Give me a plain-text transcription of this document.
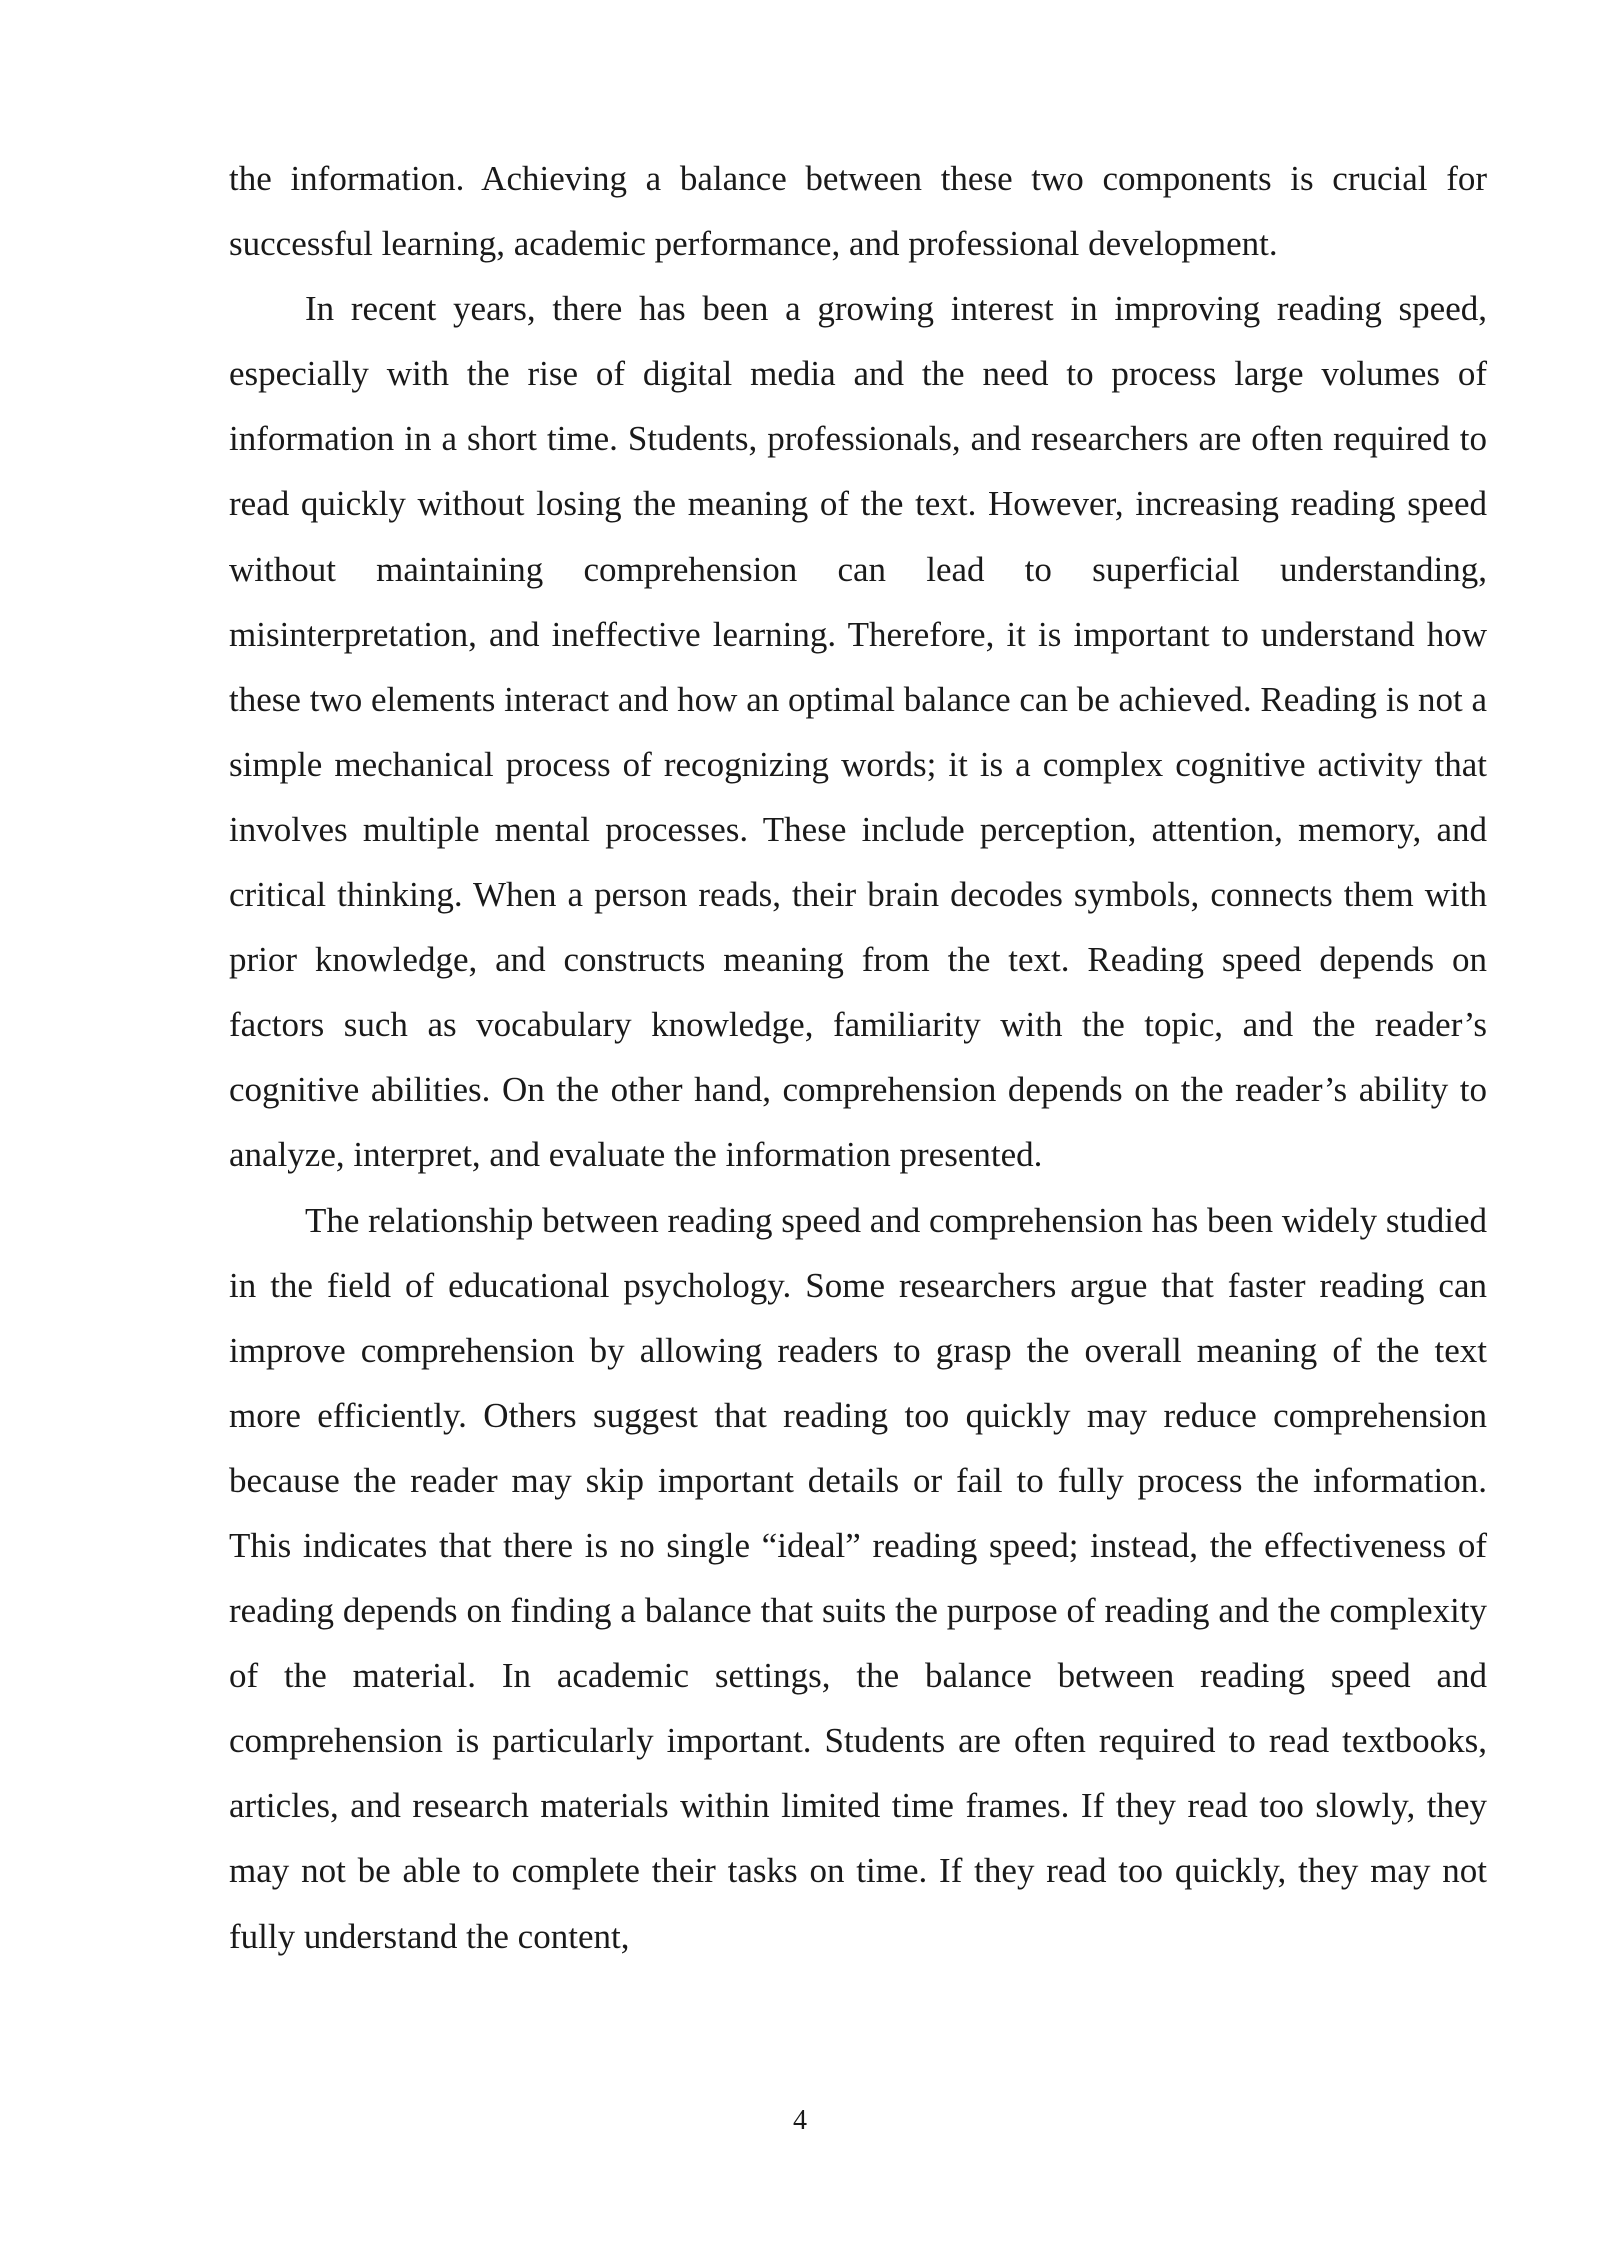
the information. Achieving a balance between these two components is crucial for successful learning, academic performance, and professional development.

In recent years, there has been a growing interest in improving reading speed, especially with the rise of digital media and the need to process large volumes of information in a short time. Students, professionals, and researchers are often required to read quickly without losing the meaning of the text. However, increasing reading speed without maintaining comprehension can lead to superficial understanding, misinterpretation, and ineffective learning. Therefore, it is important to understand how these two elements interact and how an optimal balance can be achieved. Reading is not a simple mechanical process of recognizing words; it is a complex cognitive activity that involves multiple mental processes. These include perception, attention, memory, and critical thinking. When a person reads, their brain decodes symbols, connects them with prior knowledge, and constructs meaning from the text. Reading speed depends on factors such as vocabulary knowledge, familiarity with the topic, and the reader’s cognitive abilities. On the other hand, comprehension depends on the reader’s ability to analyze, interpret, and evaluate the information presented.

The relationship between reading speed and comprehension has been widely studied in the field of educational psychology. Some researchers argue that faster reading can improve comprehension by allowing readers to grasp the overall meaning of the text more efficiently. Others suggest that reading too quickly may reduce comprehension because the reader may skip important details or fail to fully process the information. This indicates that there is no single “ideal” reading speed; instead, the effectiveness of reading depends on finding a balance that suits the purpose of reading and the complexity of the material. In academic settings, the balance between reading speed and comprehension is particularly important. Students are often required to read textbooks, articles, and research materials within limited time frames. If they read too slowly, they may not be able to complete their tasks on time. If they read too quickly, they may not fully understand the content,

4
